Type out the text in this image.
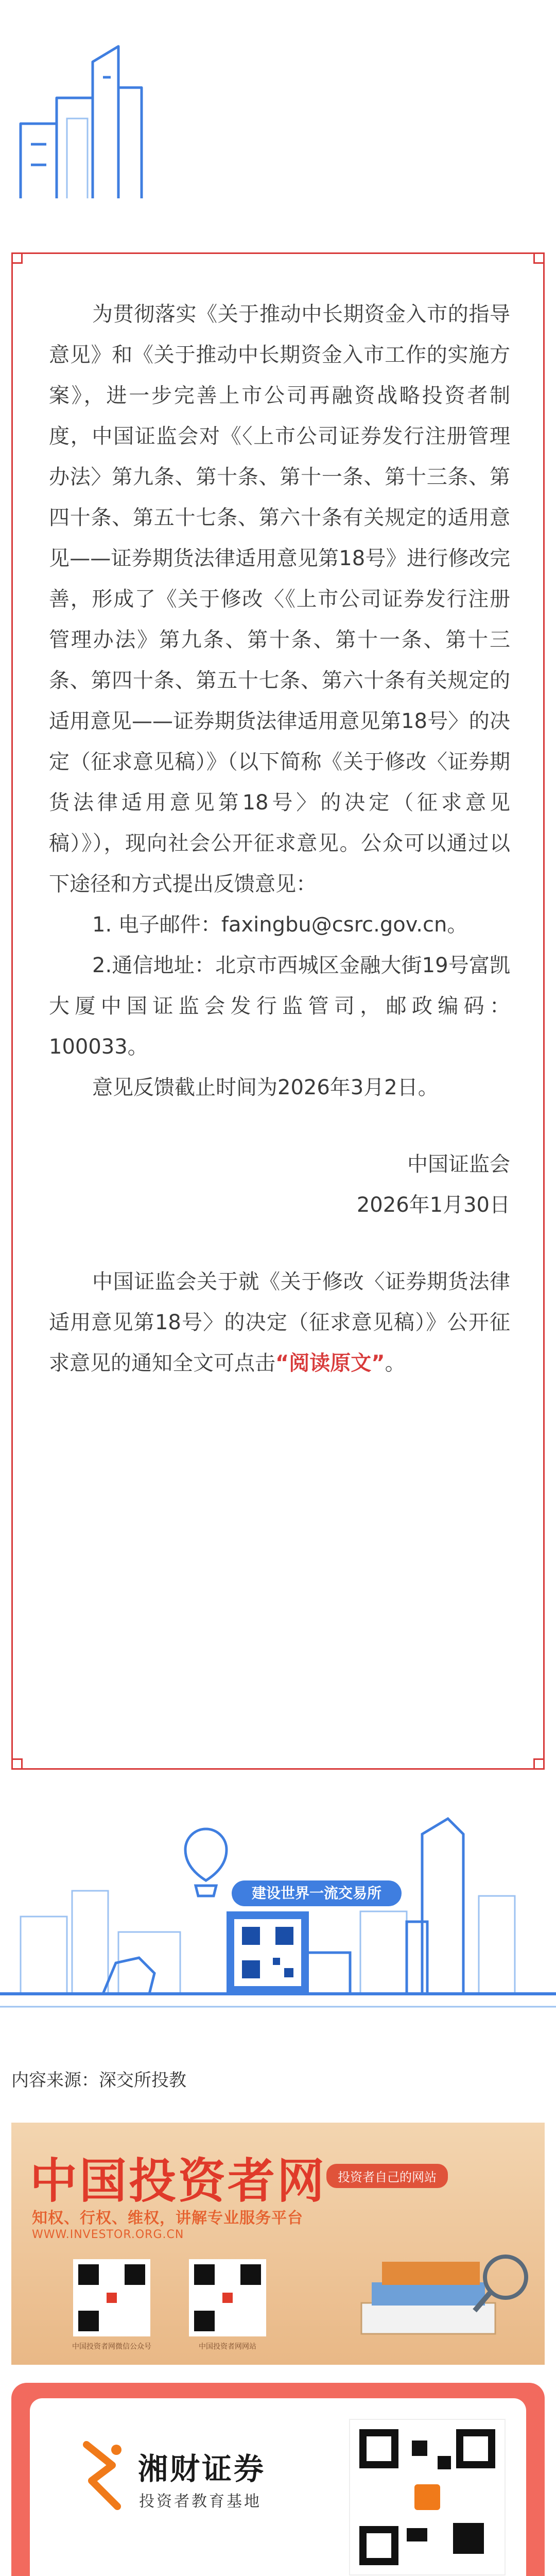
为贯彻落实《关于推动中长期资金入市的指导意见》和《关于推动中长期资金入市工作的实施方案》，进一步完善上市公司再融资战略投资者制度，中国证监会对《〈上市公司证券发行注册管理办法〉第九条、第十条、第十一条、第十三条、第四十条、第五十七条、第六十条有关规定的适用意见——证券期货法律适用意见第18号》进行修改完善，形成了《关于修改〈《上市公司证券发行注册管理办法》第九条、第十条、第十一条、第十三条、第四十条、第五十七条、第六十条有关规定的适用意见——证券期货法律适用意见第18号〉的决定（征求意见稿）》（以下简称《关于修改〈证券期货法律适用意见第18号〉的决定（征求意见稿）》），现向社会公开征求意见。公众可以通过以下途径和方式提出反馈意见：

1. 电子邮件：faxingbu@csrc.gov.cn。

2.通信地址：北京市西城区金融大街19号富凯大厦中国证监会发行监管司，邮政编码：100033。

意见反馈截止时间为2026年3月2日。

中国证监会

2026年1月30日

中国证监会关于就《关于修改〈证券期货法律适用意见第18号〉的决定（征求意见稿）》公开征求意见的通知全文可点击“阅读原文”。

建设世界一流交易所
内容来源：深交所投教
中国投资者网 投资者自己的网站
知权、行权、维权，讲解专业服务平台
WWW.INVESTOR.ORG.CN
中国投资者网微信公众号	中国投资者网网站
湘财证券
投资者教育基地
